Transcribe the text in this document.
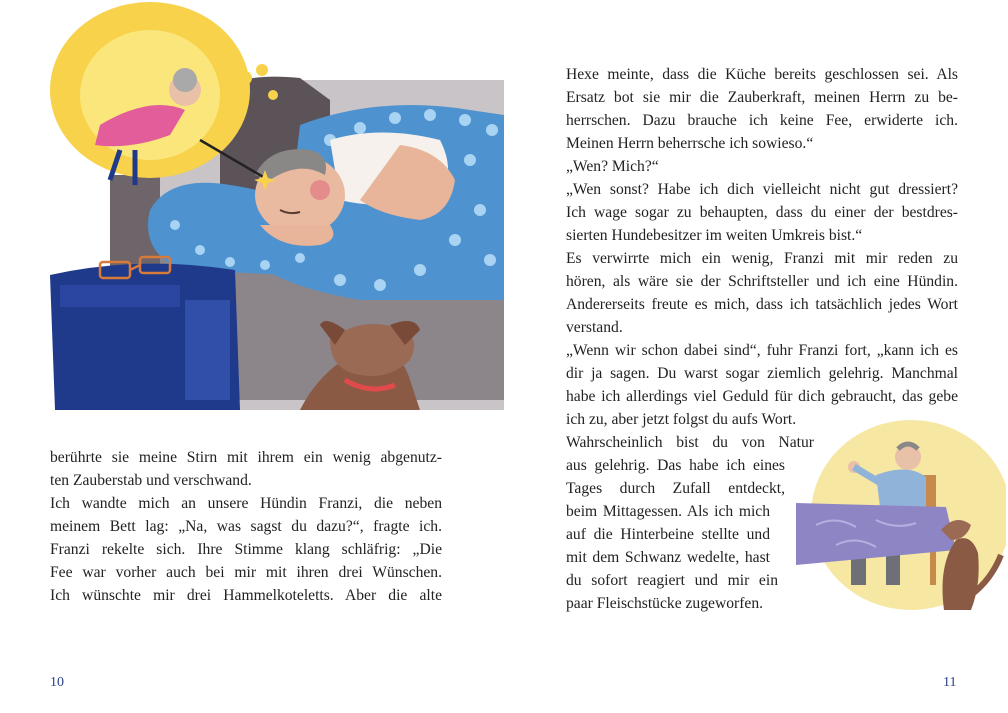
berührte sie meine Stirn mit ihrem ein wenig abgenutz-
ten Zauberstab und verschwand.
Ich wandte mich an unsere Hündin Franzi, die neben
meinem Bett lag: „Na, was sagst du dazu?“, fragte ich.
Franzi rekelte sich. Ihre Stimme klang schläfrig: „Die
Fee war vorher auch bei mir mit ihren drei Wünschen.
Ich wünschte mir drei Hammelkoteletts. Aber die alte
10
Hexe meinte, dass die Küche bereits geschlossen sei. Als
Ersatz bot sie mir die Zauberkraft, meinen Herrn zu be-
herrschen. Dazu brauche ich keine Fee, erwiderte ich.
Meinen Herrn beherrsche ich sowieso.“
„Wen? Mich?“
„Wen sonst? Habe ich dich vielleicht nicht gut dressiert?
Ich wage sogar zu behaupten, dass du einer der bestdres-
sierten Hundebesitzer im weiten Umkreis bist.“
Es verwirrte mich ein wenig, Franzi mit mir reden zu
hören, als wäre sie der Schriftsteller und ich eine Hündin.
Andererseits freute es mich, dass ich tatsächlich jedes Wort
verstand.
„Wenn wir schon dabei sind“, fuhr Franzi fort, „kann ich es
dir ja sagen. Du warst sogar ziemlich gelehrig. Manchmal
habe ich allerdings viel Geduld für dich gebraucht, das gebe
ich zu, aber jetzt folgst du aufs Wort.
Wahrscheinlich bist du von Natur
aus gelehrig. Das habe ich eines
Tages durch Zufall entdeckt,
beim Mittagessen. Als ich mich
auf die Hinterbeine stellte und
mit dem Schwanz wedelte, hast
du sofort reagiert und mir ein
paar Fleischstücke zugeworfen.
11
